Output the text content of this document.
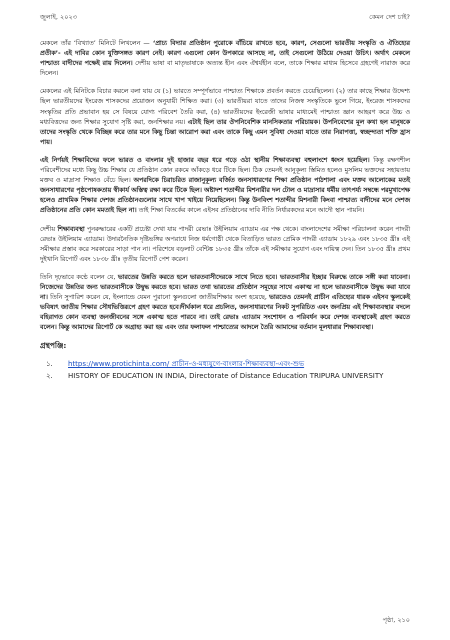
জুলাই, ২০২৩	কেমন দেশ চাই?

মেকলে তাঁর ‘বিখ্যাত’ মিনিটে লিখলেন — ‘প্রাচ্য বিদ্যার প্রতিষ্ঠান পুরোকে বাঁচিয়ে রাখতে হবে, কারণ, সেগুলো ভারতীয় সংস্কৃতি ও ঐতিহ্যের প্রতীক’- এই দাবির কোন যুক্তিসঙ্গত কারণ নেই। কারণ এগুলো কোন উপকারে আসছে না, তাই সেগুলো উঠিয়ে দেওয়া উচিৎ। অর্থাৎ মেকলে পাশ্চাত্য বাদীদের পক্ষেই রায় দিলেন। দেশীয় ভাষা বা মাতৃভাষাকে অত্যন্ত হীন এবং ঐশ্বর্যহীন বলে, তাকে শিক্ষার মাধ্যম হিসেবে গ্রহণেই নারাজ করে দিলেন।

মেকলের এই মিনিটকে বিচার করলে বলা যায় যে (১) ভারতে সম্পূর্ণভাবে পাশ্চাত্য শিক্ষাকে প্রবর্তন করতে চেয়েছিলেন। (২) তার কাছে শিক্ষার উদ্দেশ্য ছিল ভারতীয়দের ইংরেজ শাসকদের প্রয়োজন অনুযায়ী শিক্ষিত করা। (৩) ভারতীয়রা যাতে তাদের নিজস্ব সংস্কৃতিকে ভুলে গিয়ে, ইংরেজ শাসকদের সংস্কৃতির প্রতি প্রভাবান হয় সে বিষয়ে যোগ্য পরিবেশ তৈরি করা, (৪) ভারতীয়দের ইংরেজী ভাষার মাধ্যমেই পাশ্চাত্য জ্ঞান আহরণ করে উচ্চ ও মধ্যবিত্তদের জন্য শিক্ষার সুযোগ সৃষ্টি করা, জনশিক্ষার নয়। এটাই ছিল তার ঔপনিবেশিক মানসিকতার পরিচায়ক। উপনিবেশের মূল কথা হল মানুষকে তাদের সংস্কৃতি থেকে বিচ্ছিন্ন করে তার মনে কিছু চিন্তা আরোপ করা এবং তাকে কিছু এমন সুবিধা দেওয়া যাতে তার নিরাপত্তা, স্বচ্ছন্দ্যতা শক্তি হ্রাস পায়।

এই নির্ণয়ই শিক্ষাবিদের ফলে ভারত ও বাংলার দুই হাজার বছর ধরে গড়ে ওঠা স্থানীয় শিক্ষাব্যবস্থা বহুলাংশে ধ্বংস হয়েছিল। কিন্তু রক্ষণশীল পরিবেশীদের মধ্যে কিছু উচ্চ শিক্ষার যে প্রতিষ্ঠান কোন রকমে আঁকড়ে ধরে টিকে ছিল। ঠিক তেমনই আনুকূল্য স্তিমিত হলেও মুসলিম ভক্তদের সহায়তায় মক্তব ও মাদ্রাসা শিক্ষাও বেঁচে ছিল। অপরদিকে চিরাচরিত রাজানুকূল্য বর্জিত জনসাধারণের শিক্ষা প্রতিষ্ঠান পাঠশালা এবং মক্তব আলোকের মতই জনসাধারণের পৃষ্ঠপোষকতায় স্বীকার্য অস্তিত্ব রক্ষা করে টিকে ছিল। অষ্টাদশ শতাব্দীর মিশনারীর দল টোল ও মাদ্রাসার ধর্মীয় তাৎপর্য্য সম্বন্ধে পরমুখাপেক্ষ হলেও প্রাথমিক শিক্ষার দেশজ প্রতিষ্ঠানগুলোর সাথে খাপ খাইয়ে নিয়েছিলেন। কিন্তু উনবিংশ শতাব্দীর মিশনারী কিংবা পাশ্চাত্য বাদীদের মনে দেশজ প্রতিষ্ঠানের প্রতি কোন মমতাই ছিল না। তাই শিক্ষা বিতর্কের কালে এইসব প্রতিষ্ঠানের দাবি নীতি নির্ধারকদের মনে আদৌ স্থান পায়নি।

দেশীয় শিক্ষাব্যবস্থা পুনরুদ্ধারের একটি প্রচেষ্টা দেখা যায় পাদরী রেভাঃ উইলিয়াম এ্যাডাম এর পক্ষ থেকে। বাংলাদেশের সমীক্ষা পরিচালনা করেন পাদরী রেভাঃ উইলিয়াম এ্যাডাম। উদারনৈতিক দৃষ্টিভঙ্গির অপরাধে নিজ ধর্মগোষ্ঠী থেকে বিতাড়িত ভারত প্রেমিক পাদরী এ্যাডাম ১৮২৯ এবং ১৮৩৫ খ্রীঃ এই সমীক্ষার প্রস্তাব করে সরকারের সাড়া পান না। পরিশেষে বড়লাট বেন্টিঙ্ক ১৮৩৫ খ্রীঃ তাঁকে এই সমীক্ষার সুযোগ এবং দায়িত্ব দেন। তিন ১৮৩৫ খ্রীঃ প্রথম দুইখানি রিপোর্ট এবং ১৮৩৮ খ্রীঃ তৃতীয় রিপোর্ট পেশ করেন।

তিনি দৃঢ়ভাবে কণ্ঠে বলেন যে, ভারতের উন্নতি করতে হলে ভারতবাসীদেরকে সাথে নিতে হবে। ভারতবাসীর ইচ্ছার বিরুদ্ধে তাকে সঙ্গী করা যাবেনা। নিজেদের উন্নতির জন্য ভারতবাসীকে উদ্বুদ্ধ করতে হবে। ভারত তথা ভারতের প্রতিষ্ঠান সমূহের সাথে একাত্ম না হলে ভারতবাসীকে উদ্বুদ্ধ করা যাবে না। তিনি সুপারিশ করেন যে, ইংল্যান্ডে যেমন পুরানো স্কুলগুলো জাতীয়শিক্ষার অংশ হয়েছে, ভারতেও তেমনই প্রাচীন এতিহ্যের ধারক এইসব স্কুলকেই ভবিষ্যৎ জাতীয় শিক্ষার সৌধভিত্তিরূপে গ্রহণ করতে হবে।দীর্ঘকাল ধরে প্রচলিত, জনসাধারণের নিকট সুপরিচিত এবং জনপ্রিয় এই শিক্ষাব্যবস্থার বদলে বহিরাগত কোন ব্যবস্থা জনজীবনের সঙ্গে একাত্ম হতে পারবে না। তাই রেভাঃ এ্যাডাম সংশোধন ও পরিবর্ধন করে দেশজ ব্যবস্থাকেই গ্রহণ করতে বলেন। কিন্তু আমাদের রিপোর্ট কে অগ্রাহ্য করা হয় এবং তার ফলাফল পাশ্চাত্যের আদলে তৈরি আমাদের বর্তমান মূলধারার শিক্ষাব্যবস্থা।

গ্রন্থপঞ্জি:
১.	https://www.protichinta.com/ প্রাচীন-ও-মধ্যযুগে-বাংলার-শিক্ষাব্যবস্থা-এবং-শুভ
২.	HISTORY OF EDUCATION IN INDIA, Directorate of Distance Education TRIPURA UNIVERSITY
পৃষ্ঠা, ২১০
